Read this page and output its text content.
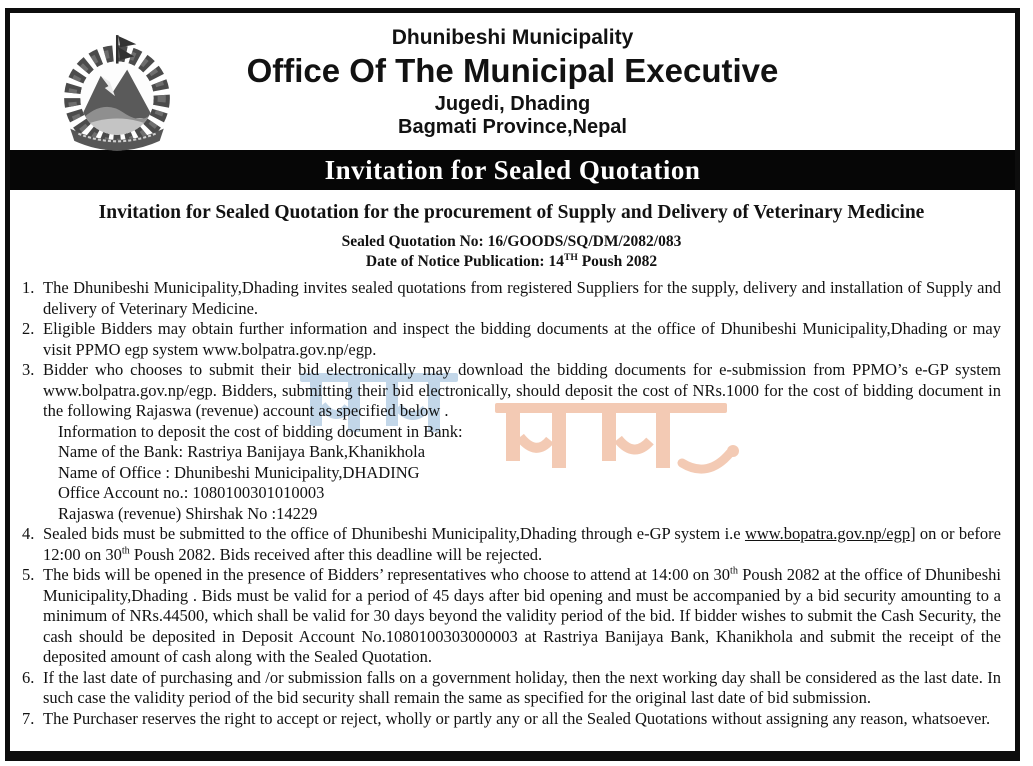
Dhunibeshi Municipality
Office Of The Municipal Executive
Jugedi, Dhading
Bagmati Province,Nepal
Invitation for Sealed Quotation
Invitation for Sealed Quotation for the procurement of Supply and Delivery of Veterinary Medicine
Sealed Quotation No: 16/GOODS/SQ/DM/2082/083
Date of Notice Publication: 14TH Poush 2082
1. The Dhunibeshi Municipality,Dhading invites sealed quotations from registered Suppliers for the supply, delivery and installation of Supply and delivery of Veterinary Medicine.
2. Eligible Bidders may obtain further information and inspect the bidding documents at the office of Dhunibeshi Municipality,Dhading or may visit PPMO egp system www.bolpatra.gov.np/egp.
3. Bidder who chooses to submit their bid electronically may download the bidding documents for e-submission from PPMO’s e-GP system www.bolpatra.gov.np/egp. Bidders, submitting their bid electronically, should deposit the cost of NRs.1000 for the cost of bidding document in the following Rajaswa (revenue) account as specified below .
Information to deposit the cost of bidding document in Bank:
Name of the Bank: Rastriya Banijaya Bank,Khanikhola
Name of Office : Dhunibeshi Municipality,DHADING
Office Account no.: 1080100301010003
Rajaswa (revenue) Shirshak No :14229
4. Sealed bids must be submitted to the office of Dhunibeshi Municipality,Dhading through e-GP system i.e www.bopatra.gov.np/egp] on or before 12:00 on 30th Poush 2082. Bids received after this deadline will be rejected.
5. The bids will be opened in the presence of Bidders’ representatives who choose to attend at 14:00 on 30th Poush 2082 at the office of Dhunibeshi Municipality,Dhading . Bids must be valid for a period of 45 days after bid opening and must be accompanied by a bid security amounting to a minimum of NRs.44500, which shall be valid for 30 days beyond the validity period of the bid. If bidder wishes to submit the Cash Security, the cash should be deposited in Deposit Account No.1080100303000003 at Rastriya Banijaya Bank, Khanikhola and submit the receipt of the deposited amount of cash along with the Sealed Quotation.
6. If the last date of purchasing and /or submission falls on a government holiday, then the next working day shall be considered as the last date. In such case the validity period of the bid security shall remain the same as specified for the original last date of bid submission.
7. The Purchaser reserves the right to accept or reject, wholly or partly any or all the Sealed Quotations without assigning any reason, whatsoever.
